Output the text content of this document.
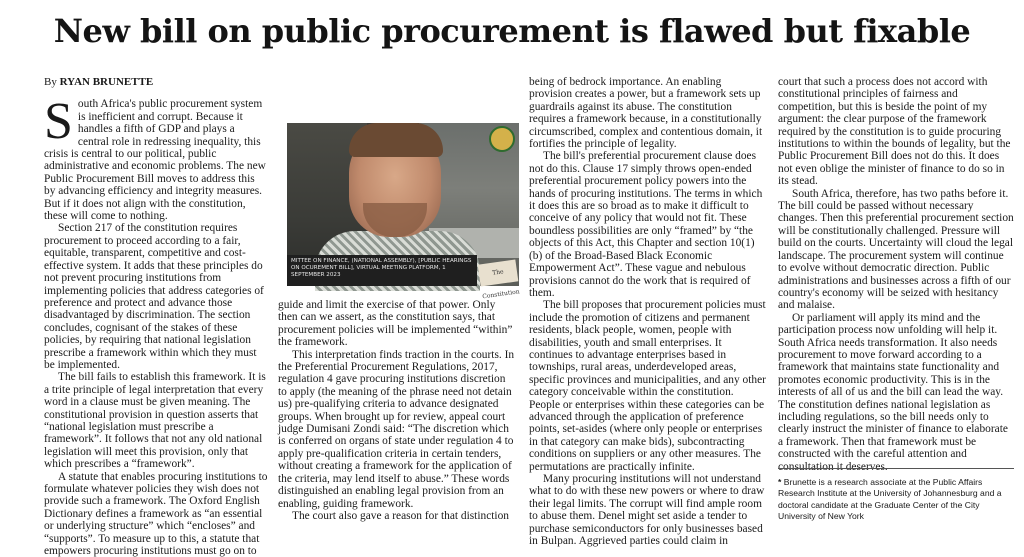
New bill on public procurement is flawed but fixable
By RYAN BRUNETTE

South Africa's public procurement system is inefficient and corrupt. Because it handles a fifth of GDP and plays a central role in redressing inequality, this crisis is central to our political, public administrative and economic problems. The new Public Procurement Bill moves to address this by advancing efficiency and integrity measures. But if it does not align with the constitution, these will come to nothing.

Section 217 of the constitution requires procurement to proceed according to a fair, equitable, transparent, competitive and cost-effective system. It adds that these principles do not prevent procuring institutions from implementing policies that address categories of preference and protect and advance those disadvantaged by discrimination. The section concludes, cognisant of the stakes of these policies, by requiring that national legislation prescribe a framework within which they must be implemented.

The bill fails to establish this framework. It is a trite principle of legal interpretation that every word in a clause must be given meaning. The constitutional provision in question asserts that “national legislation must prescribe a framework”. It follows that not any old national legislation will meet this provision, only that which prescribes a “framework”.

A statute that enables procuring institutions to formulate whatever policies they wish does not provide such a framework. The Oxford English Dictionary defines a framework as “an essential or underlying structure” which “encloses” and “supports”. To measure up to this, a statute that empowers procuring institutions must go on to

MITTEE ON FINANCE, (NATIONAL ASSEMBLY), [PUBLIC HEARINGS ON OCUREMENT BILL], VIRTUAL MEETING PLATFORM, 1 SEPTEMBER 2023	The Constitution

guide and limit the exercise of that power. Only then can we assert, as the constitution says, that procurement policies will be implemented “within” the framework.

This interpretation finds traction in the courts. In the Preferential Procurement Regulations, 2017, regulation 4 gave procuring institutions discretion to apply (the meaning of the phrase need not detain us) pre-qualifying criteria to advance designated groups. When brought up for review, appeal court judge Dumisani Zondi said: “The discretion which is conferred on organs of state under regulation 4 to apply pre-qualification criteria in certain tenders, without creating a framework for the application of the criteria, may lend itself to abuse.” These words distinguished an enabling legal provision from an enabling, guiding framework.

The court also gave a reason for that distinction

being of bedrock importance. An enabling provision creates a power, but a framework sets up guardrails against its abuse. The constitution requires a framework because, in a constitutionally circumscribed, complex and contentious domain, it fortifies the principle of legality.

The bill's preferential procurement clause does not do this. Clause 17 simply throws open-ended preferential procurement policy powers into the hands of procuring institutions. The terms in which it does this are so broad as to make it difficult to conceive of any policy that would not fit. These boundless possibilities are only “framed” by “the objects of this Act, this Chapter and section 10(1)(b) of the Broad-Based Black Economic Empowerment Act”. These vague and nebulous provisions cannot do the work that is required of them.

The bill proposes that procurement policies must include the promotion of citizens and permanent residents, black people, women, people with disabilities, youth and small enterprises. It continues to advantage enterprises based in townships, rural areas, underdeveloped areas, specific provinces and municipalities, and any other category conceivable within the constitution. People or enterprises within these categories can be advanced through the application of preference points, set-asides (where only people or enterprises in that category can make bids), subcontracting conditions on suppliers or any other measures. The permutations are practically infinite.

Many procuring institutions will not understand what to do with these new powers or where to draw their legal limits. The corrupt will find ample room to abuse them. Denel might set aside a tender to purchase semiconductors for only businesses based in Bulpan. Aggrieved parties could claim in

court that such a process does not accord with constitutional principles of fairness and competition, but this is beside the point of my argument: the clear purpose of the framework required by the constitution is to guide procuring institutions to within the bounds of legality, but the Public Procurement Bill does not do this. It does not even oblige the minister of finance to do so in its stead.

South Africa, therefore, has two paths before it. The bill could be passed without necessary changes. Then this preferential procurement section will be constitutionally challenged. Pressure will build on the courts. Uncertainty will cloud the legal landscape. The procurement system will continue to evolve without democratic direction. Public administrations and businesses across a fifth of our country's economy will be seized with hesitancy and malaise.

Or parliament will apply its mind and the participation process now unfolding will help it. South Africa needs transformation. It also needs procurement to move forward according to a framework that maintains state functionality and promotes economic productivity. This is in the interests of all of us and the bill can lead the way. The constitution defines national legislation as including regulations, so the bill needs only to clearly instruct the minister of finance to elaborate a framework. Then that framework must be constructed with the careful attention and consultation it deserves.

* Brunette is a research associate at the Public Affairs Research Institute at the University of Johannesburg and a doctoral candidate at the Graduate Center of the City University of New York
